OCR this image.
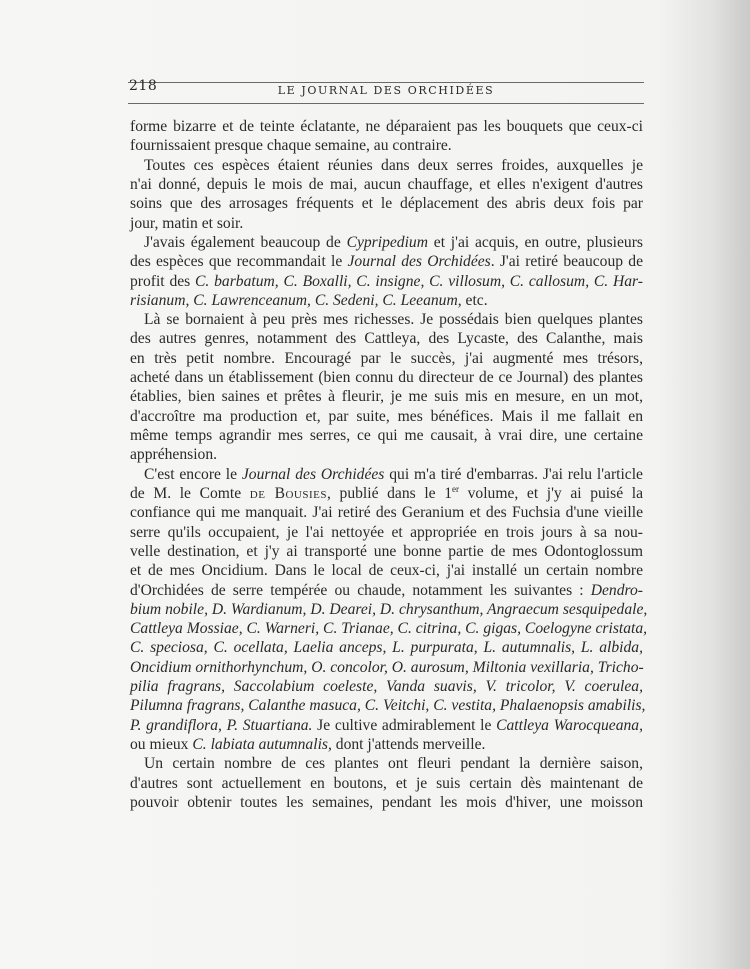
218	LE JOURNAL DES ORCHIDÉES
forme bizarre et de teinte éclatante, ne déparaient pas les bouquets que ceux-ci
fournissaient presque chaque semaine, au contraire.
Toutes ces espèces étaient réunies dans deux serres froides, auxquelles je
n'ai donné, depuis le mois de mai, aucun chauffage, et elles n'exigent d'autres
soins que des arrosages fréquents et le déplacement des abris deux fois par
jour, matin et soir.
J'avais également beaucoup de Cypripedium et j'ai acquis, en outre, plusieurs
des espèces que recommandait le Journal des Orchidées. J'ai retiré beaucoup de
profit des C. barbatum, C. Boxalli, C. insigne, C. villosum, C. callosum, C. Har-
risianum, C. Lawrenceanum, C. Sedeni, C. Leeanum, etc.
Là se bornaient à peu près mes richesses. Je possédais bien quelques plantes
des autres genres, notamment des Cattleya, des Lycaste, des Calanthe, mais
en très petit nombre. Encouragé par le succès, j'ai augmenté mes trésors,
acheté dans un établissement (bien connu du directeur de ce Journal) des plantes
établies, bien saines et prêtes à fleurir, je me suis mis en mesure, en un mot,
d'accroître ma production et, par suite, mes bénéfices. Mais il me fallait en
même temps agrandir mes serres, ce qui me causait, à vrai dire, une certaine
appréhension.
C'est encore le Journal des Orchidées qui m'a tiré d'embarras. J'ai relu l'article
de M. le Comte de Bousies, publié dans le 1er volume, et j'y ai puisé la
confiance qui me manquait. J'ai retiré des Geranium et des Fuchsia d'une vieille
serre qu'ils occupaient, je l'ai nettoyée et appropriée en trois jours à sa nou-
velle destination, et j'y ai transporté une bonne partie de mes Odontoglossum
et de mes Oncidium. Dans le local de ceux-ci, j'ai installé un certain nombre
d'Orchidées de serre tempérée ou chaude, notamment les suivantes : Dendro-
bium nobile, D. Wardianum, D. Dearei, D. chrysanthum, Angraecum sesquipedale,
Cattleya Mossiae, C. Warneri, C. Trianae, C. citrina, C. gigas, Coelogyne cristata,
C. speciosa, C. ocellata, Laelia anceps, L. purpurata, L. autumnalis, L. albida,
Oncidium ornithorhynchum, O. concolor, O. aurosum, Miltonia vexillaria, Tricho-
pilia fragrans, Saccolabium coeleste, Vanda suavis, V. tricolor, V. coerulea,
Pilumna fragrans, Calanthe masuca, C. Veitchi, C. vestita, Phalaenopsis amabilis,
P. grandiflora, P. Stuartiana. Je cultive admirablement le Cattleya Warocqueana,
ou mieux C. labiata autumnalis, dont j'attends merveille.
Un certain nombre de ces plantes ont fleuri pendant la dernière saison,
d'autres sont actuellement en boutons, et je suis certain dès maintenant de
pouvoir obtenir toutes les semaines, pendant les mois d'hiver, une moisson
